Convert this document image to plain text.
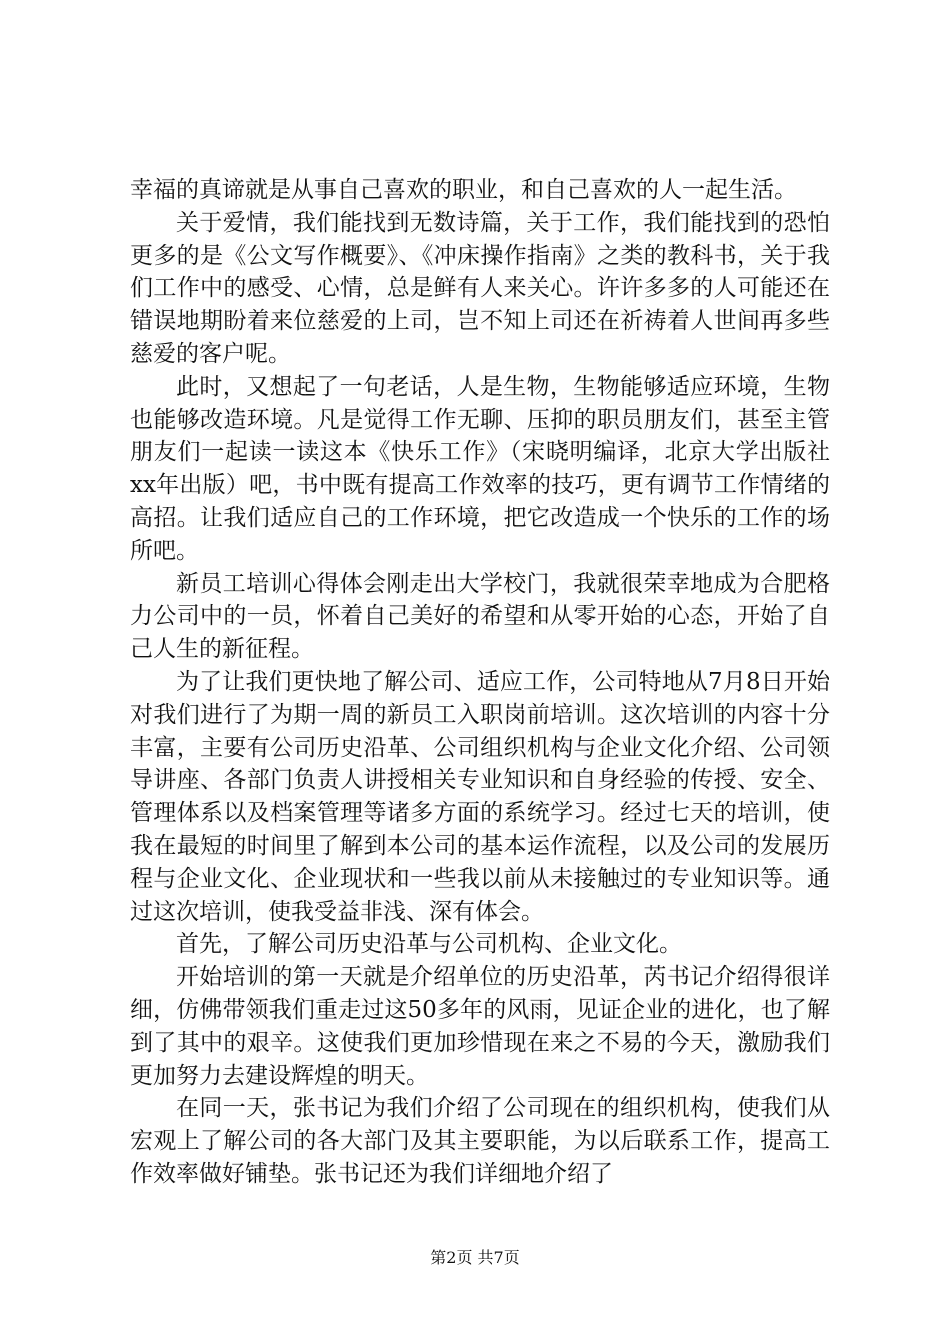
幸福的真谛就是从事自己喜欢的职业，和自己喜欢的人一起生活。

关于爱情，我们能找到无数诗篇，关于工作，我们能找到的恐怕更多的是《公文写作概要》、《冲床操作指南》之类的教科书，关于我们工作中的感受、心情，总是鲜有人来关心。许许多多的人可能还在错误地期盼着来位慈爱的上司，岂不知上司还在祈祷着人世间再多些慈爱的客户呢。

此时，又想起了一句老话，人是生物，生物能够适应环境，生物也能够改造环境。凡是觉得工作无聊、压抑的职员朋友们，甚至主管朋友们一起读一读这本《快乐工作》（宋晓明编译，北京大学出版社xx年出版）吧，书中既有提高工作效率的技巧，更有调节工作情绪的高招。让我们适应自己的工作环境，把它改造成一个快乐的工作的场所吧。

新员工培训心得体会刚走出大学校门，我就很荣幸地成为合肥格力公司中的一员，怀着自己美好的希望和从零开始的心态，开始了自己人生的新征程。

为了让我们更快地了解公司、适应工作，公司特地从7月8日开始对我们进行了为期一周的新员工入职岗前培训。这次培训的内容十分丰富，主要有公司历史沿革、公司组织机构与企业文化介绍、公司领导讲座、各部门负责人讲授相关专业知识和自身经验的传授、安全、管理体系以及档案管理等诸多方面的系统学习。经过七天的培训，使我在最短的时间里了解到本公司的基本运作流程，以及公司的发展历程与企业文化、企业现状和一些我以前从未接触过的专业知识等。通过这次培训，使我受益非浅、深有体会。

首先，了解公司历史沿革与公司机构、企业文化。

开始培训的第一天就是介绍单位的历史沿革，芮书记介绍得很详细，仿佛带领我们重走过这50多年的风雨，见证企业的进化，也了解到了其中的艰辛。这使我们更加珍惜现在来之不易的今天，激励我们更加努力去建设辉煌的明天。

在同一天，张书记为我们介绍了公司现在的组织机构，使我们从宏观上了解公司的各大部门及其主要职能，为以后联系工作，提高工作效率做好铺垫。张书记还为我们详细地介绍了

第2页 共7页
